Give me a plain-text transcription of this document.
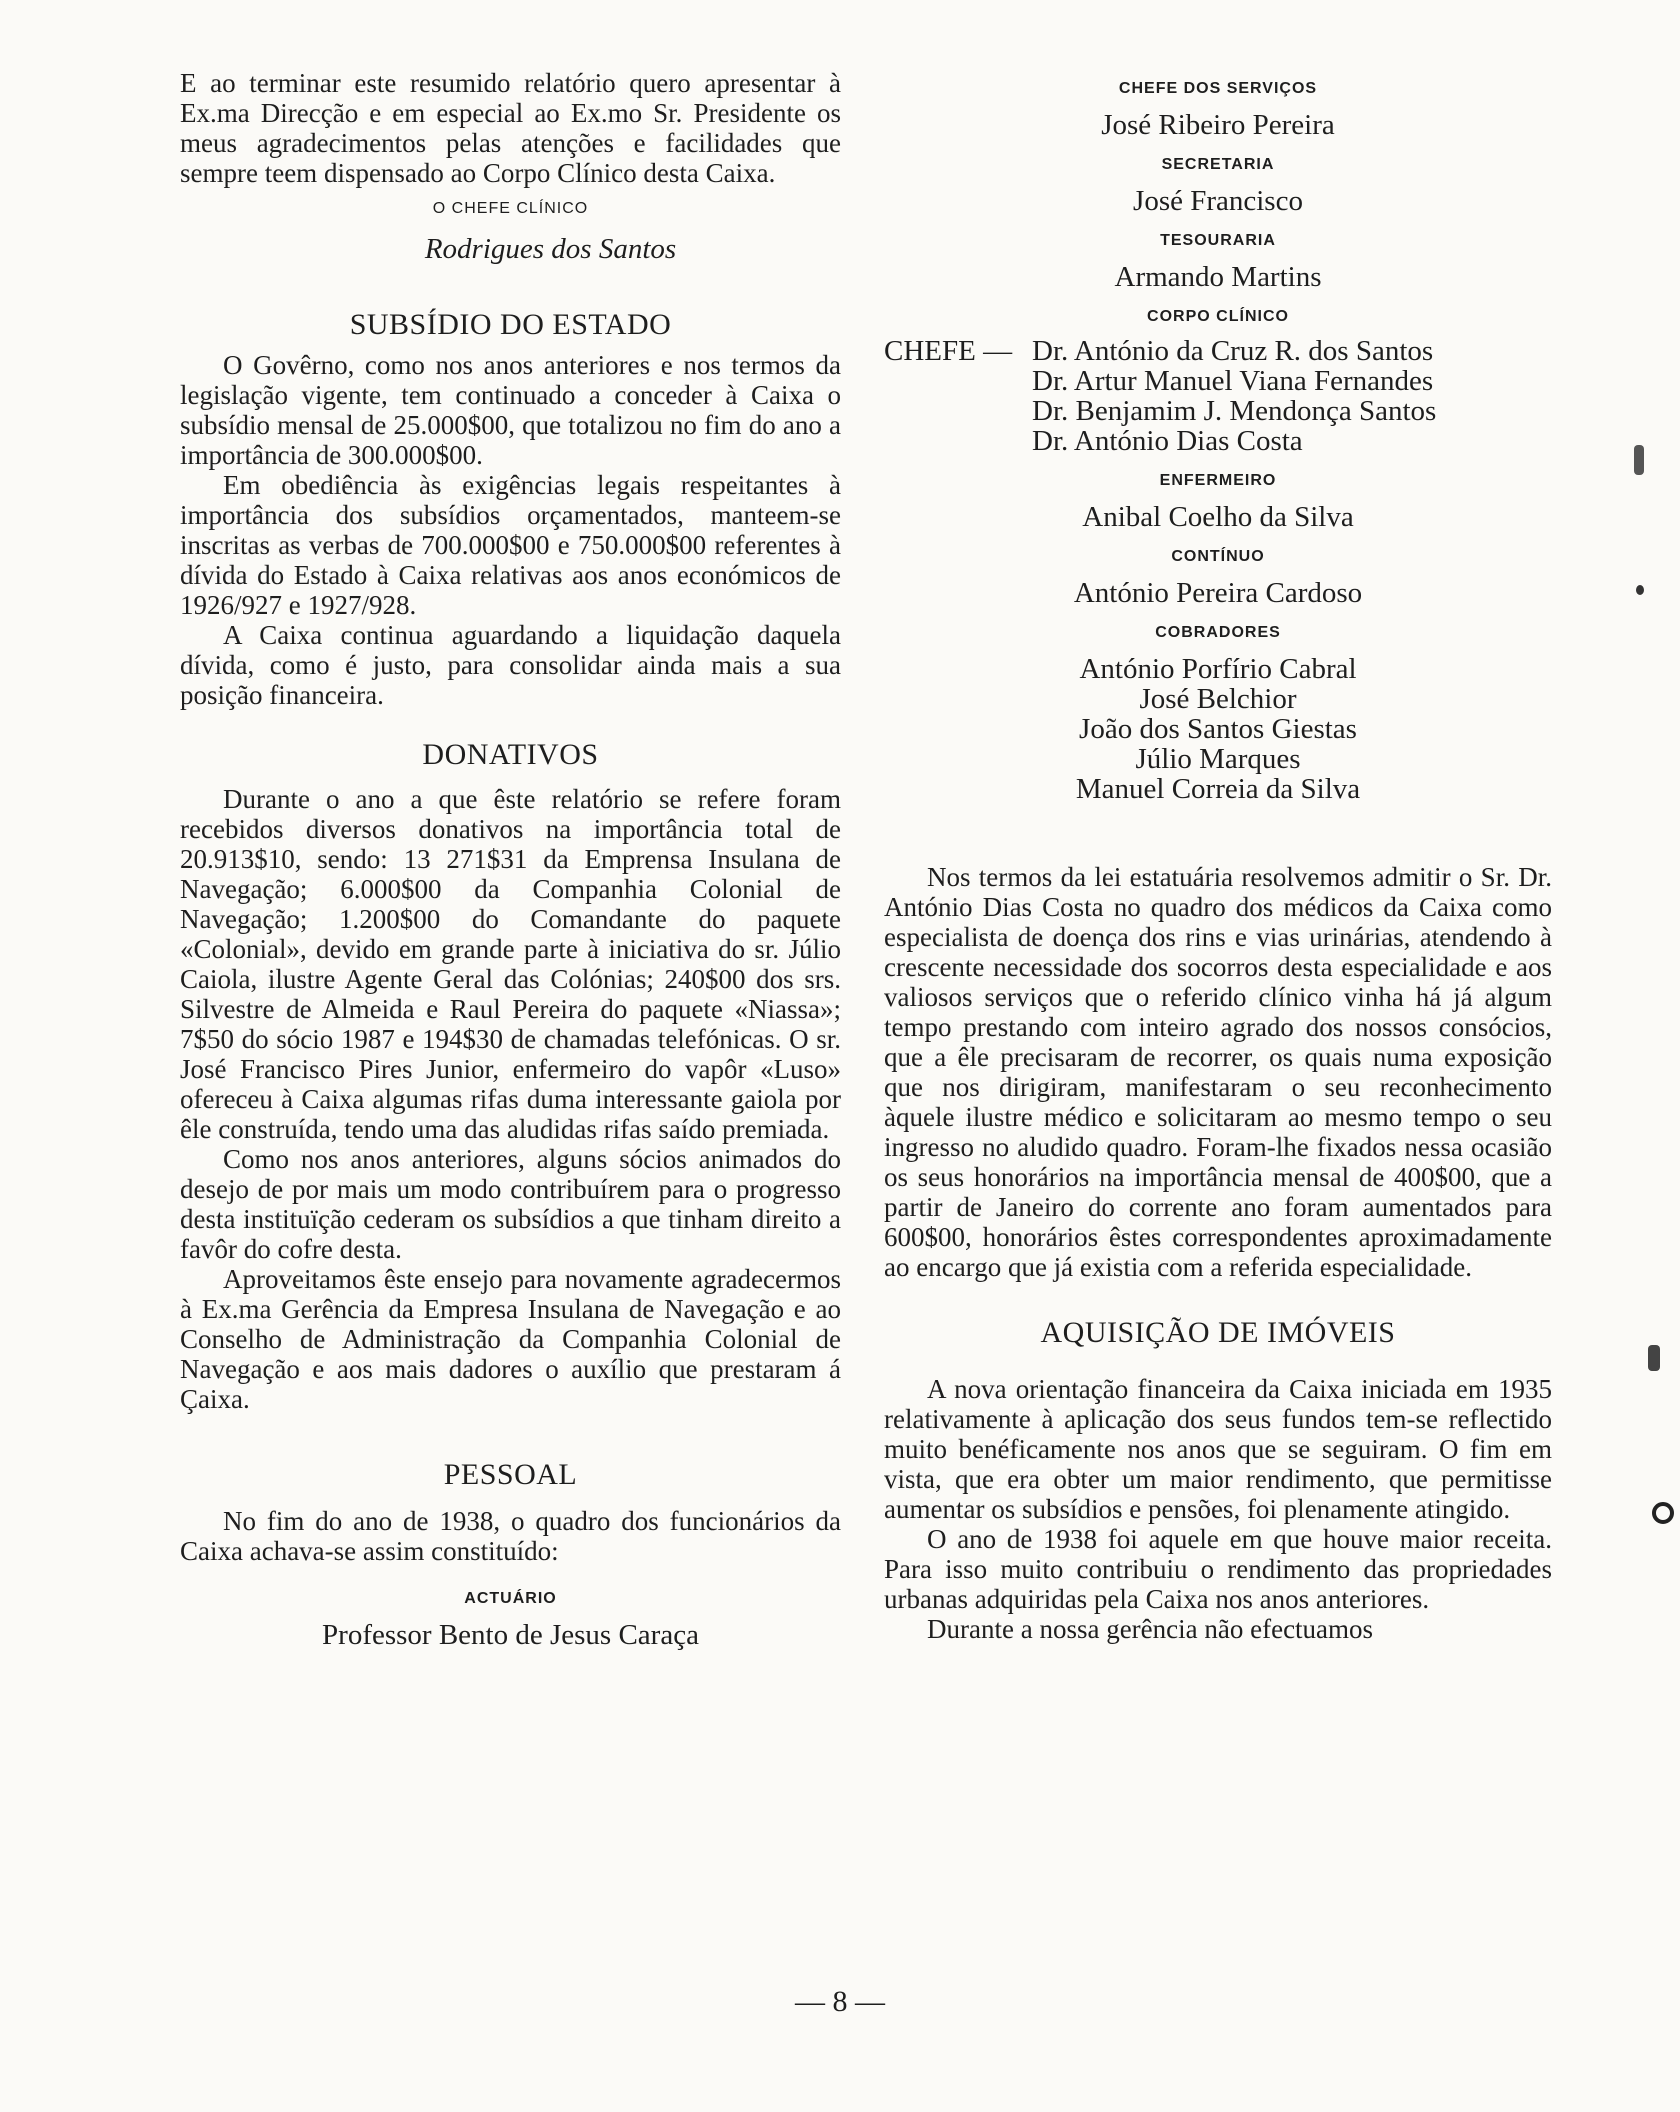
E ao terminar este resumido relatório quero apresentar à Ex.ma Direcção e em especial ao Ex.mo Sr. Presidente os meus agradecimentos pelas atenções e facilidades que sempre teem dispensado ao Corpo Clínico desta Caixa.

O CHEFE CLÍNICO
Rodrigues dos Santos
SUBSÍDIO DO ESTADO

O Govêrno, como nos anos anteriores e nos termos da legislação vigente, tem continuado a conceder à Caixa o subsídio mensal de 25.000$00, que totalizou no fim do ano a importância de 300.000$00.

Em obediência às exigências legais respeitantes à importância dos subsídios orçamentados, manteem-se inscritas as verbas de 700.000$00 e 750.000$00 referentes à dívida do Estado à Caixa relativas aos anos económicos de 1926/927 e 1927/928.

A Caixa continua aguardando a liquidação daquela dívida, como é justo, para consolidar ainda mais a sua posição financeira.

DONATIVOS

Durante o ano a que êste relatório se refere foram recebidos diversos donativos na importância total de 20.913$10, sendo: 13 271$31 da Emprensa Insulana de Navegação; 6.000$00 da Companhia Colonial de Navegação; 1.200$00 do Comandante do paquete «Colonial», devido em grande parte à iniciativa do sr. Júlio Caiola, ilustre Agente Geral das Colónias; 240$00 dos srs. Silvestre de Almeida e Raul Pereira do paquete «Niassa»; 7$50 do sócio 1987 e 194$30 de chamadas telefónicas. O sr. José Francisco Pires Junior, enfermeiro do vapôr «Luso» ofereceu à Caixa algumas rifas duma interessante gaiola por êle construída, tendo uma das aludidas rifas saído premiada.

Como nos anos anteriores, alguns sócios animados do desejo de por mais um modo contribuírem para o progresso desta instituïção cederam os subsídios a que tinham direito a favôr do cofre desta.

Aproveitamos êste ensejo para novamente agradecermos à Ex.ma Gerência da Empresa Insulana de Navegação e ao Conselho de Administração da Companhia Colonial de Navegação e aos mais dadores o auxílio que prestaram á Çaixa.

PESSOAL

No fim do ano de 1938, o quadro dos funcionários da Caixa achava-se assim constituído:

ACTUÁRIO
Professor Bento de Jesus Caraça
CHEFE DOS SERVIÇOS
José Ribeiro Pereira
SECRETARIA
José Francisco
TESOURARIA
Armando Martins
CORPO CLÍNICO
CHEFE — Dr. António da Cruz R. dos Santos
Dr. Artur Manuel Viana Fernandes
Dr. Benjamim J. Mendonça Santos
Dr. António Dias Costa
ENFERMEIRO
Anibal Coelho da Silva
CONTÍNUO
António Pereira Cardoso
COBRADORES
António Porfírio Cabral
José Belchior
João dos Santos Giestas
Júlio Marques
Manuel Correia da Silva

Nos termos da lei estatuária resolvemos admitir o Sr. Dr. António Dias Costa no quadro dos médicos da Caixa como especialista de doença dos rins e vias urinárias, atendendo à crescente necessidade dos socorros desta especialidade e aos valiosos serviços que o referido clínico vinha há já algum tempo prestando com inteiro agrado dos nossos consócios, que a êle precisaram de recorrer, os quais numa exposição que nos dirigiram, manifestaram o seu reconhecimento àquele ilustre médico e solicitaram ao mesmo tempo o seu ingresso no aludido quadro. Foram-lhe fixados nessa ocasião os seus honorários na importância mensal de 400$00, que a partir de Janeiro do corrente ano foram aumentados para 600$00, honorários êstes correspondentes aproximadamente ao encargo que já existia com a referida especialidade.

AQUISIÇÃO DE IMÓVEIS

A nova orientação financeira da Caixa iniciada em 1935 relativamente à aplicação dos seus fundos tem-se reflectido muito benéficamente nos anos que se seguiram. O fim em vista, que era obter um maior rendimento, que permitisse aumentar os subsídios e pensões, foi plenamente atingido.

O ano de 1938 foi aquele em que houve maior receita. Para isso muito contribuiu o rendimento das propriedades urbanas adquiridas pela Caixa nos anos anteriores.

Durante a nossa gerência não efectuamos

— 8 —
